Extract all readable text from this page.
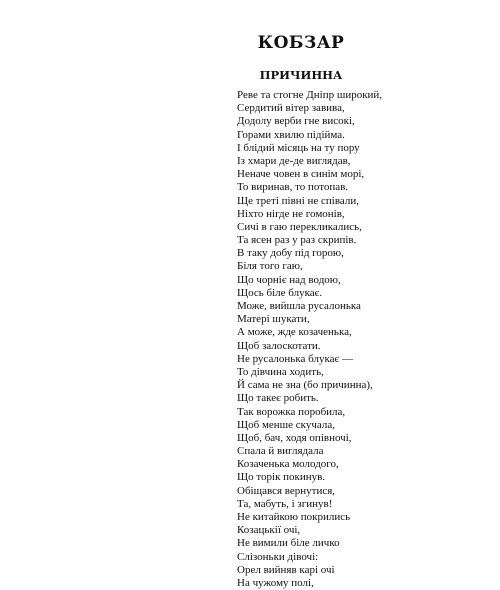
КОБЗАР
ПРИЧИННА
Реве та стогне Дніпр широкий,
Сердитий вітер завива,
Додолу верби гне високі,
Горами хвилю підійма.
І блідий місяць на ту пору
Із хмари де-де виглядав,
Неначе човен в синім морі,
То виринав, то потопав.
Ще треті півні не співали,
Ніхто нігде не гомонів,
Сичі в гаю перекликались,
Та ясен раз у раз скрипів.
В таку добу під горою,
Біля того гаю,
Що чорніє над водою,
Щось біле блукає.
Може, вийшла русалонька
Матері шукати,
А може, жде козаченька,
Щоб залоскотати.
Не русалонька блукає —
То дівчина ходить,
Й сама не зна (бо причинна),
Що такеє робить.
Так ворожка поробила,
Щоб менше скучала,
Щоб, бач, ходя опівночі,
Спала й виглядала
Козаченька молодого,
Що торік покинув.
Обіщався вернутися,
Та, мабуть, і згинув!
Не китайкою покрились
Козацькії очі,
Не вимили біле личко
Слізоньки дівочі:
Орел вийняв карі очі
На чужому полі,
